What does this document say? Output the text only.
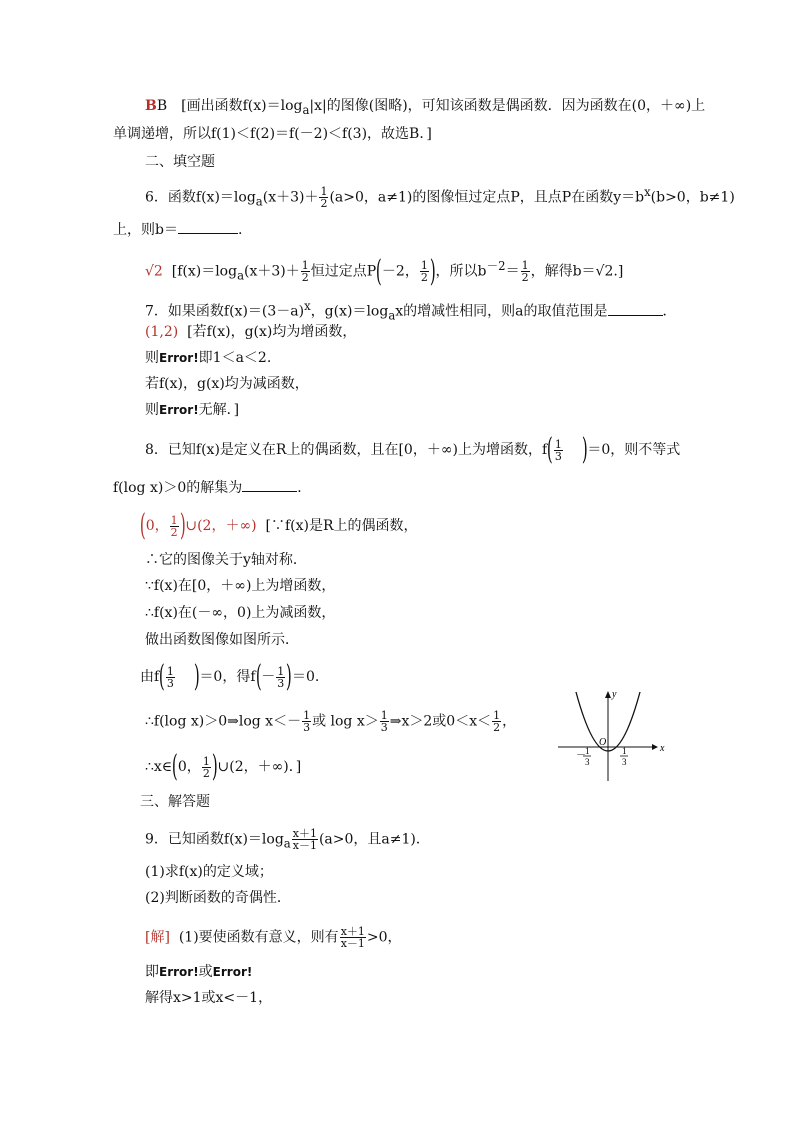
BB　[画出函数$f(x)=\log_a|x|$的图像(图略)，可知该函数是偶函数．因为函数在(0，＋∞)上
单调递增，所以f(1)＜f(2)＝f(－2)＜f(3)，故选B．]
二、填空题
6．函数$f(x)=\log_a(x+3)+ \frac{1}{2} (a>0$，a≠1)的图像恒过定点P，且点P在函数$y=b^x(b>0$，b≠1)
上，则b＝	.
√2 [$f(x)=\log_a(x+3)+ \frac{1}{2}$ 恒过定点P(－2， $\frac{1}{2}$ )，所以$b^{-2}= \frac{1}{2}$ ，解得b＝√2.]
7．如果函数$f(x)=(3-a)^x$，$g(x)=\log_ax$的增减性相同，则a的取值范围是	．
(1,2) [若f(x)，g(x)均为增函数，
则Error!即1＜a＜2.
若f(x)，g(x)均为减函数，
则Error!无解．]
8．已知f(x)是定义在R上的偶函数，且在[0，＋∞)上为增函数，$f( \frac{1}{3} )=0$，则不等式
f(log x)＞0的解集为	．
(0， $\frac{1}{2}$ )∪(2，＋∞) [∵f(x)是R上的偶函数，
∴它的图像关于y轴对称．
∵f(x)在[0，＋∞)上为增函数，
∴f(x)在(－∞，0)上为减函数，
做出函数图像如图所示．
由$f( \frac{1}{3} )=0$，得$f(- \frac{1}{3} )=0$.
∴f(log x)＞0⇒log $x<- \frac{1}{3}$ 或 $\log x> \frac{1}{3}$ ⇒x＞2或$0<x< \frac{1}{2}$ ，
∴x∈(0， $\frac{1}{2}$ )∪(2，＋∞)．]
x
y
O
－ 1
3
1
3
三、解答题
9．已知函数$f(x)=\log_a \frac{x+1}{x-1} (a>0$，且a≠1)．
(1)求f(x)的定义域；
(2)判断函数的奇偶性．
[解] (1)要使函数有意义，则有 $\frac{x+1}{x-1} >0$，
即Error!或Error!
解得x>1或x<－1，
